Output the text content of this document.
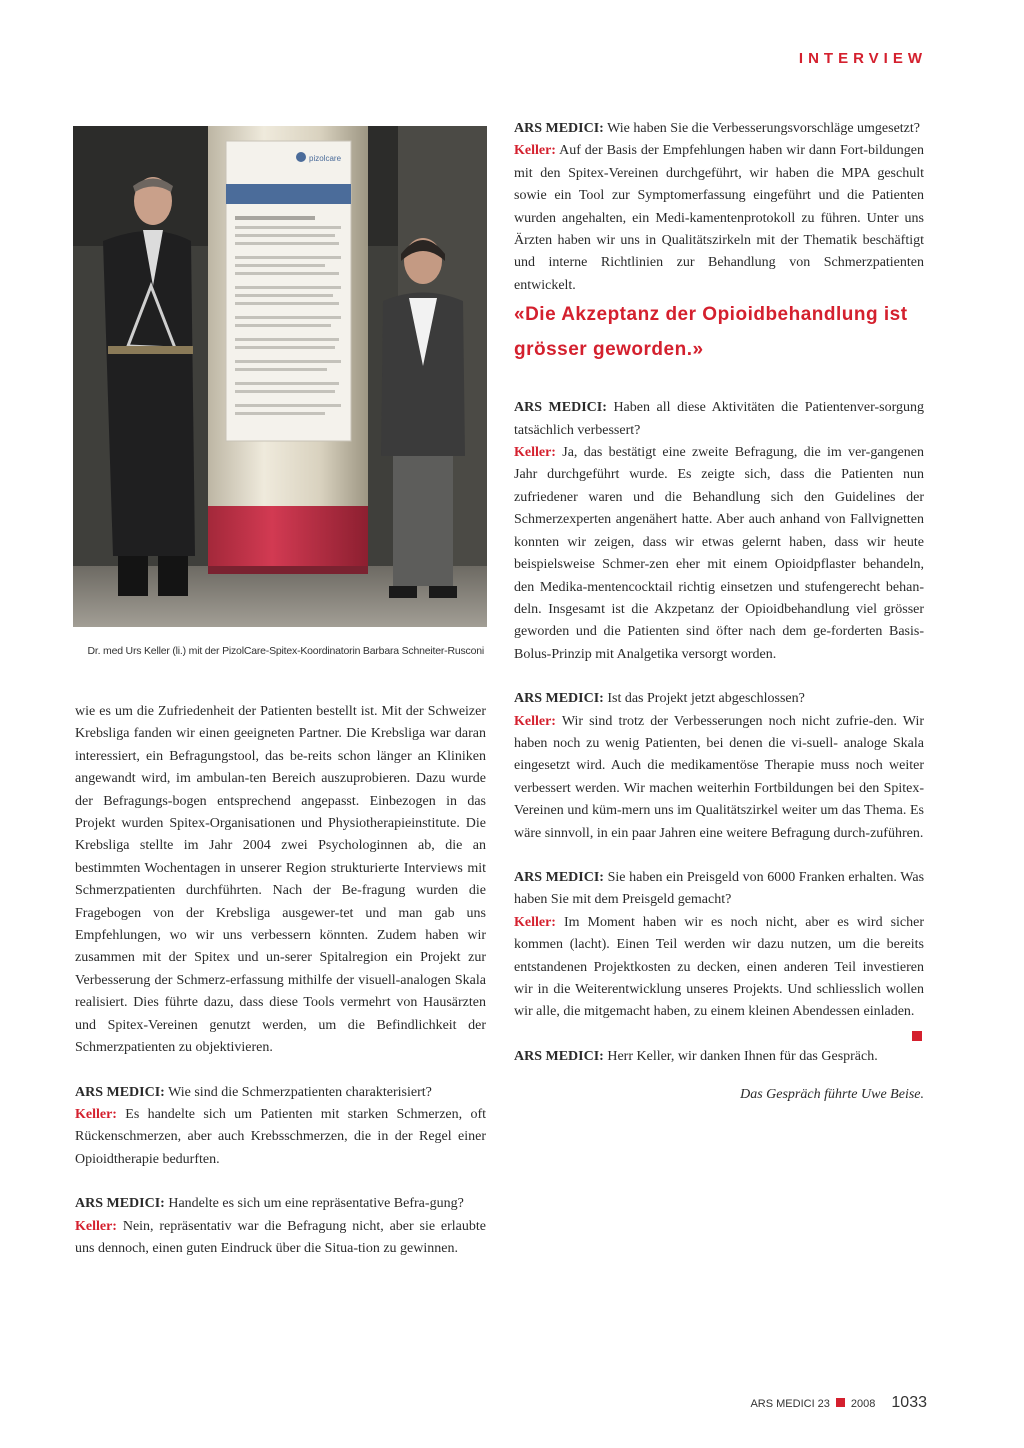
INTERVIEW
pizolcare
Dr. med Urs Keller (li.) mit der PizolCare-Spitex-Koordinatorin Barbara Schneiter-Rusconi

wie es um die Zufriedenheit der Patienten bestellt ist. Mit der Schweizer Krebsliga fanden wir einen geeigneten Partner. Die Krebsliga war daran interessiert, ein Befragungstool, das be-reits schon länger an Kliniken angewandt wird, im ambulan-ten Bereich auszuprobieren. Dazu wurde der Befragungs-bogen entsprechend angepasst. Einbezogen in das Projekt wurden Spitex-Organisationen und Physiotherapieinstitute. Die Krebsliga stellte im Jahr 2004 zwei Psychologinnen ab, die an bestimmten Wochentagen in unserer Region strukturierte Interviews mit Schmerzpatienten durchführten. Nach der Be-fragung wurden die Fragebogen von der Krebsliga ausgewer-tet und man gab uns Empfehlungen, wo wir uns verbessern könnten. Zudem haben wir zusammen mit der Spitex und un-serer Spitalregion ein Projekt zur Verbesserung der Schmerz-erfassung mithilfe der visuell-analogen Skala realisiert. Dies führte dazu, dass diese Tools vermehrt von Hausärzten und Spitex-Vereinen genutzt werden, um die Befindlichkeit der Schmerzpatienten zu objektivieren.

ARS MEDICI: Wie sind die Schmerzpatienten charakterisiert?
Keller: Es handelte sich um Patienten mit starken Schmerzen, oft Rückenschmerzen, aber auch Krebsschmerzen, die in der Regel einer Opioidtherapie bedurften.

ARS MEDICI: Handelte es sich um eine repräsentative Befra-gung?
Keller: Nein, repräsentativ war die Befragung nicht, aber sie erlaubte uns dennoch, einen guten Eindruck über die Situa-tion zu gewinnen.

ARS MEDICI: Wie haben Sie die Verbesserungsvorschläge umgesetzt?
Keller: Auf der Basis der Empfehlungen haben wir dann Fort-bildungen mit den Spitex-Vereinen durchgeführt, wir haben die MPA geschult sowie ein Tool zur Symptomerfassung eingeführt und die Patienten wurden angehalten, ein Medi-kamentenprotokoll zu führen. Unter uns Ärzten haben wir uns in Qualitätszirkeln mit der Thematik beschäftigt und interne Richtlinien zur Behandlung von Schmerzpatienten entwickelt.

«Die Akzeptanz der Opioidbehandlung ist
grösser geworden.»

ARS MEDICI: Haben all diese Aktivitäten die Patientenver-sorgung tatsächlich verbessert?
Keller: Ja, das bestätigt eine zweite Befragung, die im ver-gangenen Jahr durchgeführt wurde. Es zeigte sich, dass die Patienten nun zufriedener waren und die Behandlung sich den Guidelines der Schmerzexperten angenähert hatte. Aber auch anhand von Fallvignetten konnten wir zeigen, dass wir etwas gelernt haben, dass wir heute beispielsweise Schmer-zen eher mit einem Opioidpflaster behandeln, den Medika-mentencocktail richtig einsetzen und stufengerecht behan-deln. Insgesamt ist die Akzpetanz der Opioidbehandlung viel grösser geworden und die Patienten sind öfter nach dem ge-forderten Basis-Bolus-Prinzip mit Analgetika versorgt worden.

ARS MEDICI: Ist das Projekt jetzt abgeschlossen?
Keller: Wir sind trotz der Verbesserungen noch nicht zufrie-den. Wir haben noch zu wenig Patienten, bei denen die vi-suell- analoge Skala eingesetzt wird. Auch die medikamentöse Therapie muss noch weiter verbessert werden. Wir machen weiterhin Fortbildungen bei den Spitex-Vereinen und küm-mern uns im Qualitätszirkel weiter um das Thema. Es wäre sinnvoll, in ein paar Jahren eine weitere Befragung durch-zuführen.

ARS MEDICI: Sie haben ein Preisgeld von 6000 Franken erhalten. Was haben Sie mit dem Preisgeld gemacht?
Keller: Im Moment haben wir es noch nicht, aber es wird sicher kommen (lacht). Einen Teil werden wir dazu nutzen, um die bereits entstandenen Projektkosten zu decken, einen anderen Teil investieren wir in die Weiterentwicklung unseres Projekts. Und schliesslich wollen wir alle, die mitgemacht haben, zu einem kleinen Abendessen einladen.

ARS MEDICI: Herr Keller, wir danken Ihnen für das Gespräch.

Das Gespräch führte Uwe Beise.

ARS MEDICI 23 2008 1033
